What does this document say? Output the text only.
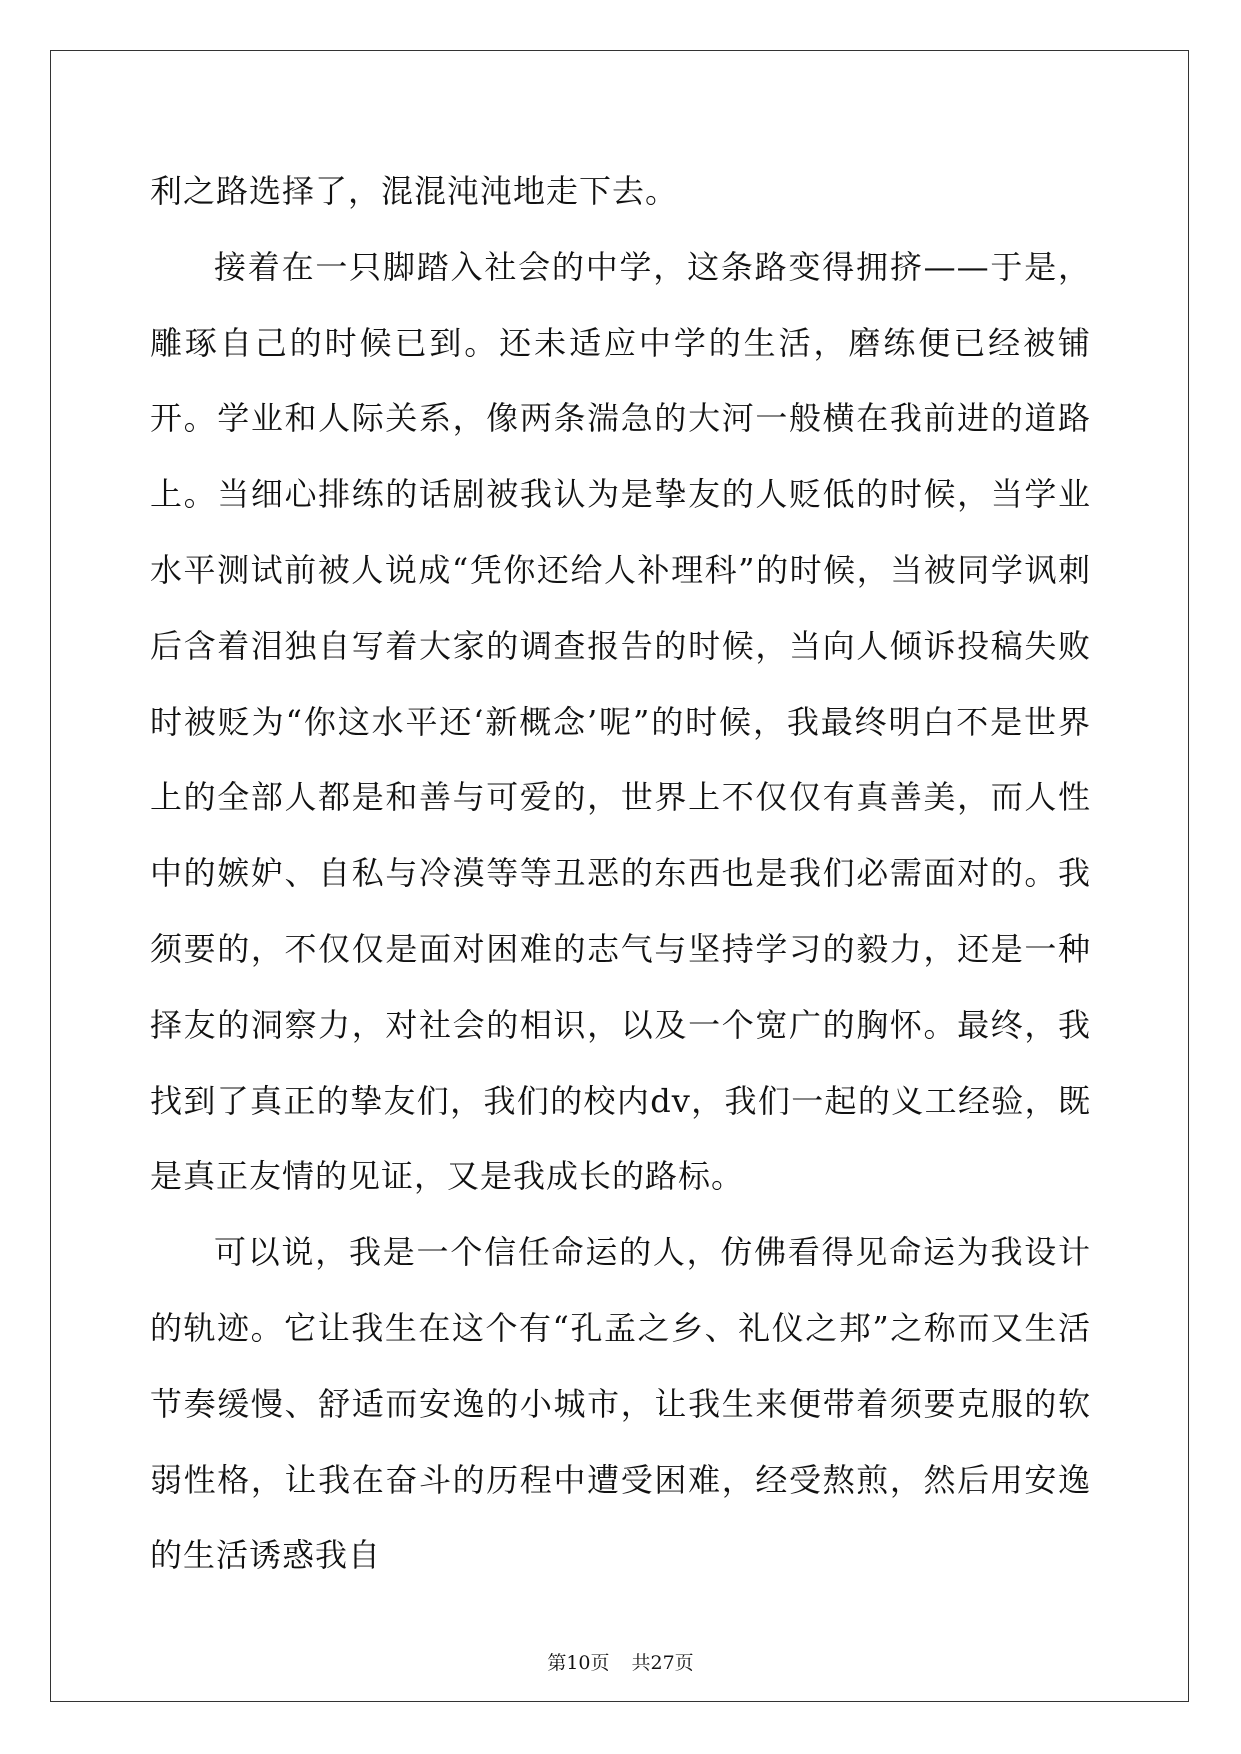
利之路选择了，混混沌沌地走下去。

接着在一只脚踏入社会的中学，这条路变得拥挤——于是，雕琢自己的时候已到。还未适应中学的生活，磨练便已经被铺开。学业和人际关系，像两条湍急的大河一般横在我前进的道路上。当细心排练的话剧被我认为是挚友的人贬低的时候，当学业水平测试前被人说成“凭你还给人补理科”的时候，当被同学讽刺后含着泪独自写着大家的调查报告的时候，当向人倾诉投稿失败时被贬为“你这水平还‘新概念’呢”的时候，我最终明白不是世界上的全部人都是和善与可爱的，世界上不仅仅有真善美，而人性中的嫉妒、自私与冷漠等等丑恶的东西也是我们必需面对的。我须要的，不仅仅是面对困难的志气与坚持学习的毅力，还是一种择友的洞察力，对社会的相识，以及一个宽广的胸怀。最终，我找到了真正的挚友们，我们的校内dv，我们一起的义工经验，既是真正友情的见证，又是我成长的路标。

可以说，我是一个信任命运的人，仿佛看得见命运为我设计的轨迹。它让我生在这个有“孔孟之乡、礼仪之邦”之称而又生活节奏缓慢、舒适而安逸的小城市，让我生来便带着须要克服的软弱性格，让我在奋斗的历程中遭受困难，经受熬煎，然后用安逸的生活诱惑我自

第10页 共27页
